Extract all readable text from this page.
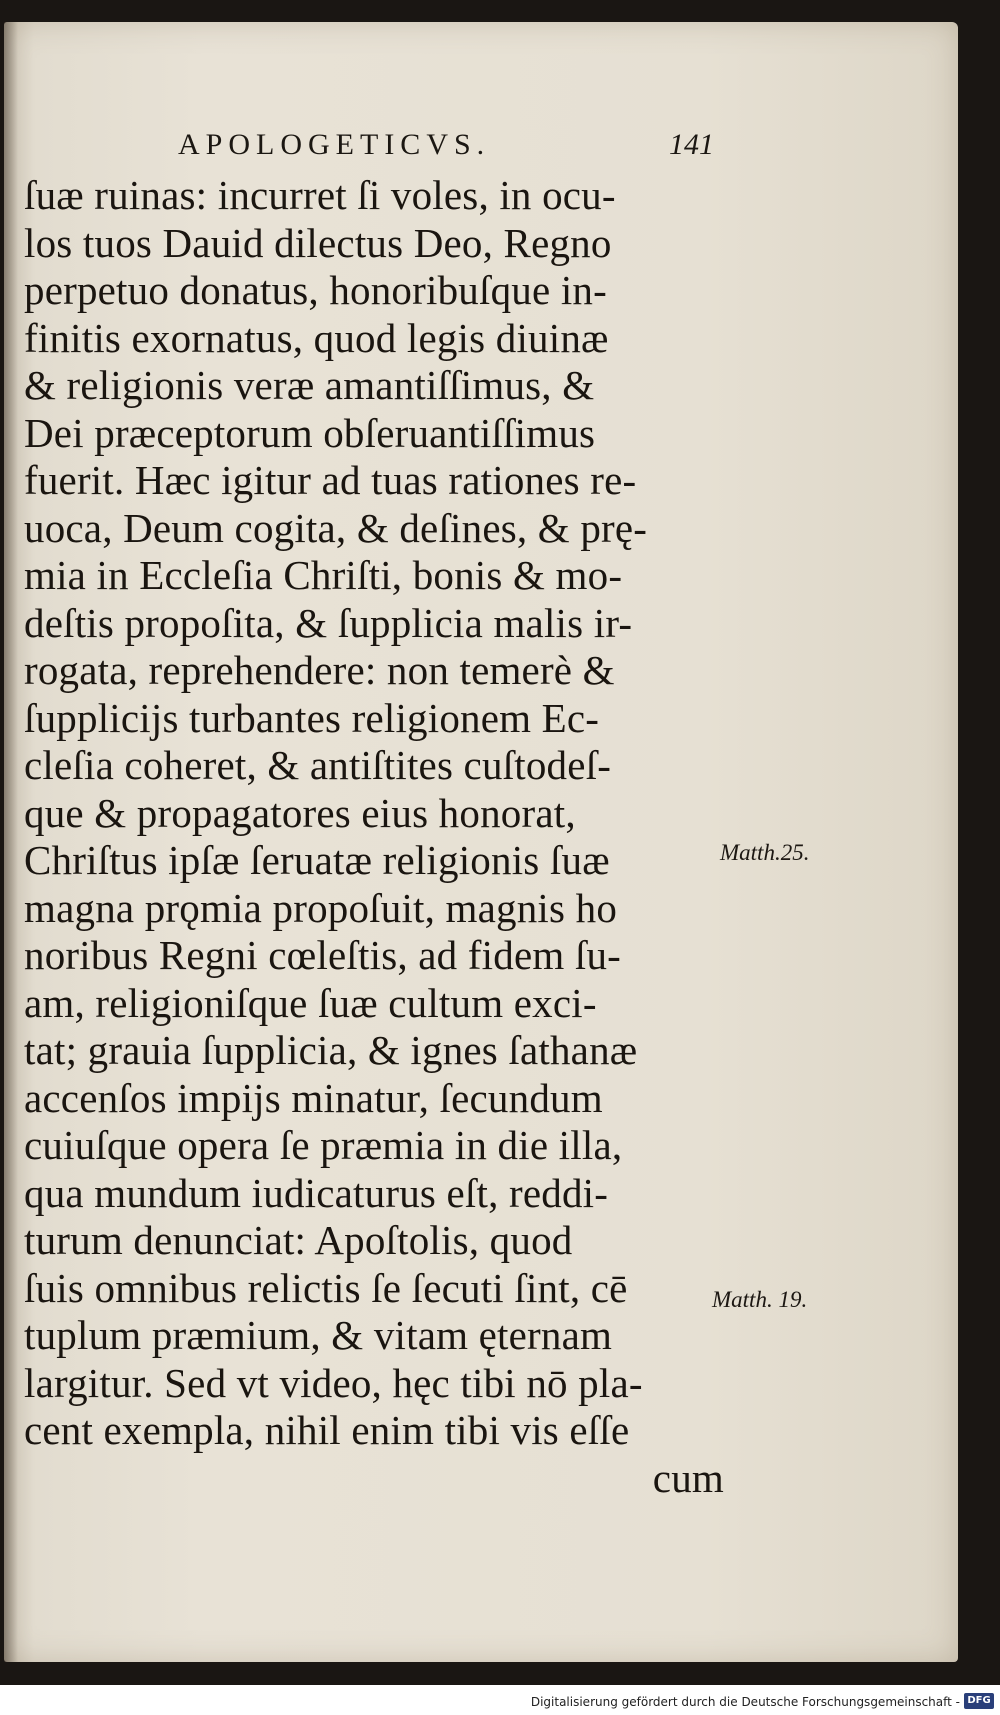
APOLOGETICVS.	141
ſuæ ruinas: incurret ſi voles, in ocu-
los tuos Dauid dilectus Deo, Regno
perpetuo donatus, honoribuſque in-
finitis exornatus, quod legis diuinæ
& religionis veræ amantiſſimus, &
Dei præceptorum obſeruantiſſimus
fuerit. Hæc igitur ad tuas rationes re-
uoca, Deum cogita, & deſines, & prę-
mia in Eccleſia Chriſti, bonis & mo-
deſtis propoſita, & ſupplicia malis ir-
rogata, reprehendere: non temerè &
ſupplicijs turbantes religionem Ec-
cleſia coheret, & antiſtites cuſtodeſ-
que & propagatores eius honorat,
Chriſtus ipſæ ſeruatæ religionis ſuæ
magna prǫmia propoſuit, magnis ho
noribus Regni cœleſtis, ad fidem ſu-
am, religioniſque ſuæ cultum exci-
tat; grauia ſupplicia, & ignes ſathanæ
accenſos impijs minatur, ſecundum
cuiuſque opera ſe præmia in die illa,
qua mundum iudicaturus eſt, reddi-
turum denunciat: Apoſtolis, quod
ſuis omnibus relictis ſe ſecuti ſint, cē
tuplum præmium, & vitam ęternam
largitur. Sed vt video, hęc tibi nō pla-
cent exempla, nihil enim tibi vis eſſe
cum
Matth.25.
Matth. 19.
Digitalisierung gefördert durch die Deutsche Forschungsgemeinschaft - DFG
